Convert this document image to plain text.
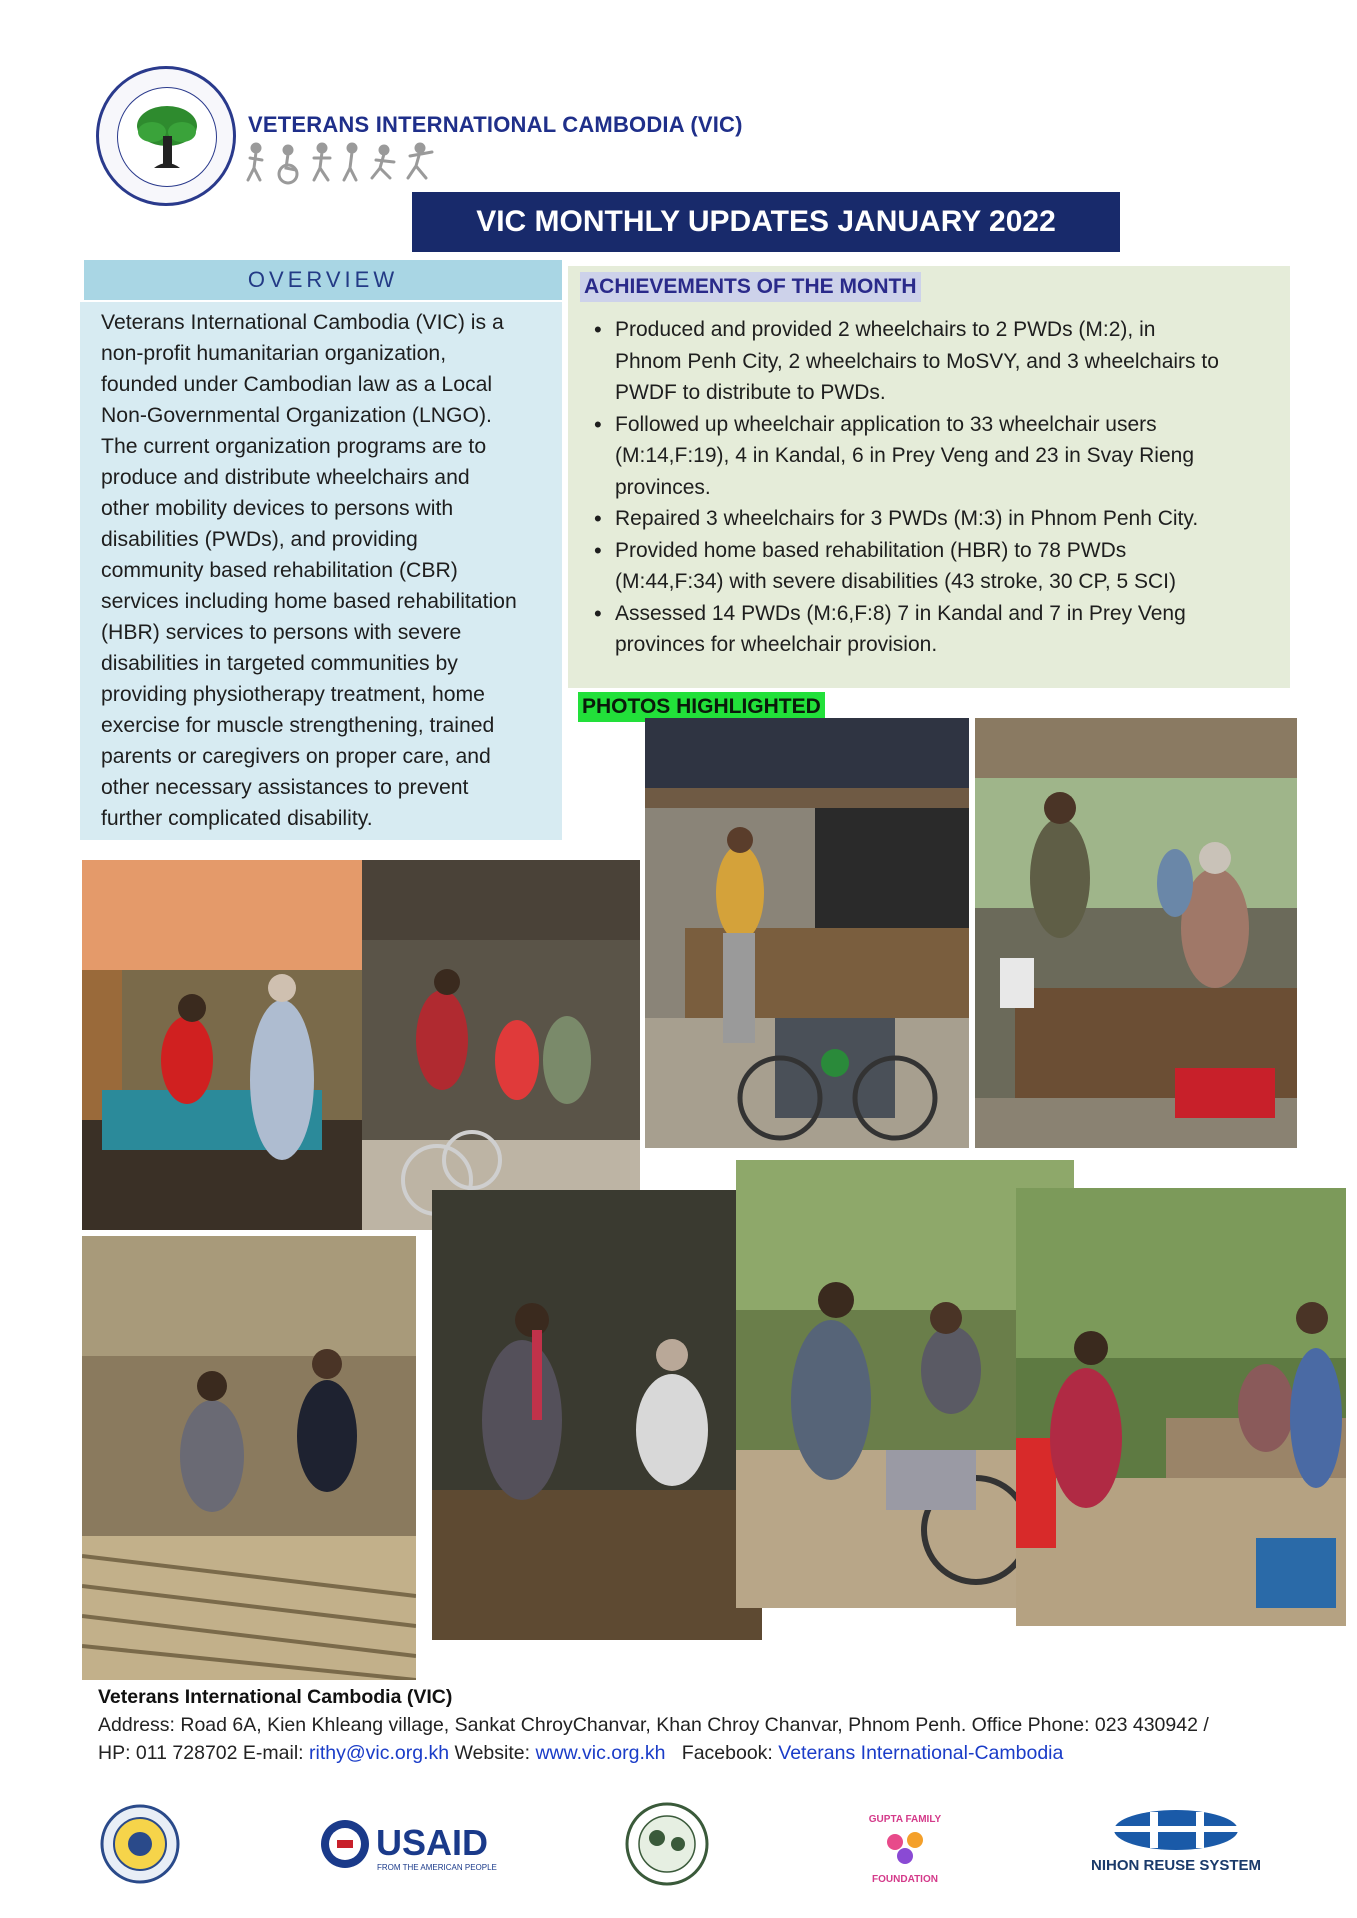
VETERANS INTERNATIONAL CAMBODIA (VIC)
VIC MONTHLY UPDATES JANUARY 2022
OVERVIEW

Veterans International Cambodia (VIC) is a
non-profit humanitarian organization,
founded under Cambodian law as a Local
Non-Governmental Organization (LNGO).
The current organization programs are to
produce and distribute wheelchairs and
other mobility devices to persons with
disabilities (PWDs), and providing
community based rehabilitation (CBR)
services including home based rehabilitation
(HBR) services to persons with severe
disabilities in targeted communities by
providing physiotherapy treatment, home
exercise for muscle strengthening, trained
parents or caregivers on proper care, and
other necessary assistances to prevent
further complicated disability.

ACHIEVEMENTS OF THE MONTH
• Produced and provided 2 wheelchairs to 2 PWDs (M:2), in
Phnom Penh City, 2 wheelchairs to MoSVY, and 3 wheelchairs to
PWDF to distribute to PWDs.
• Followed up wheelchair application to 33 wheelchair users
(M:14,F:19), 4 in Kandal, 6 in Prey Veng and 23 in Svay Rieng
provinces.
• Repaired 3 wheelchairs for 3 PWDs (M:3) in Phnom Penh City.
• Provided home based rehabilitation (HBR) to 78 PWDs
(M:44,F:34) with severe disabilities (43 stroke, 30 CP, 5 SCI)
• Assessed 14 PWDs (M:6,F:8) 7 in Kandal and 7 in Prey Veng
provinces for wheelchair provision.
PHOTOS HIGHLIGHTED
Veterans International Cambodia (VIC)
Address: Road 6A, Kien Khleang village, Sankat ChroyChanvar, Khan Chroy Chanvar, Phnom Penh. Office Phone: 023 430942 /
HP: 011 728702 E-mail: rithy@vic.org.kh Website: www.vic.org.kh Facebook: Veterans International-Cambodia
USAID
FROM THE AMERICAN PEOPLE
GUPTA FAMILY
FOUNDATION
NIHON REUSE SYSTEM
